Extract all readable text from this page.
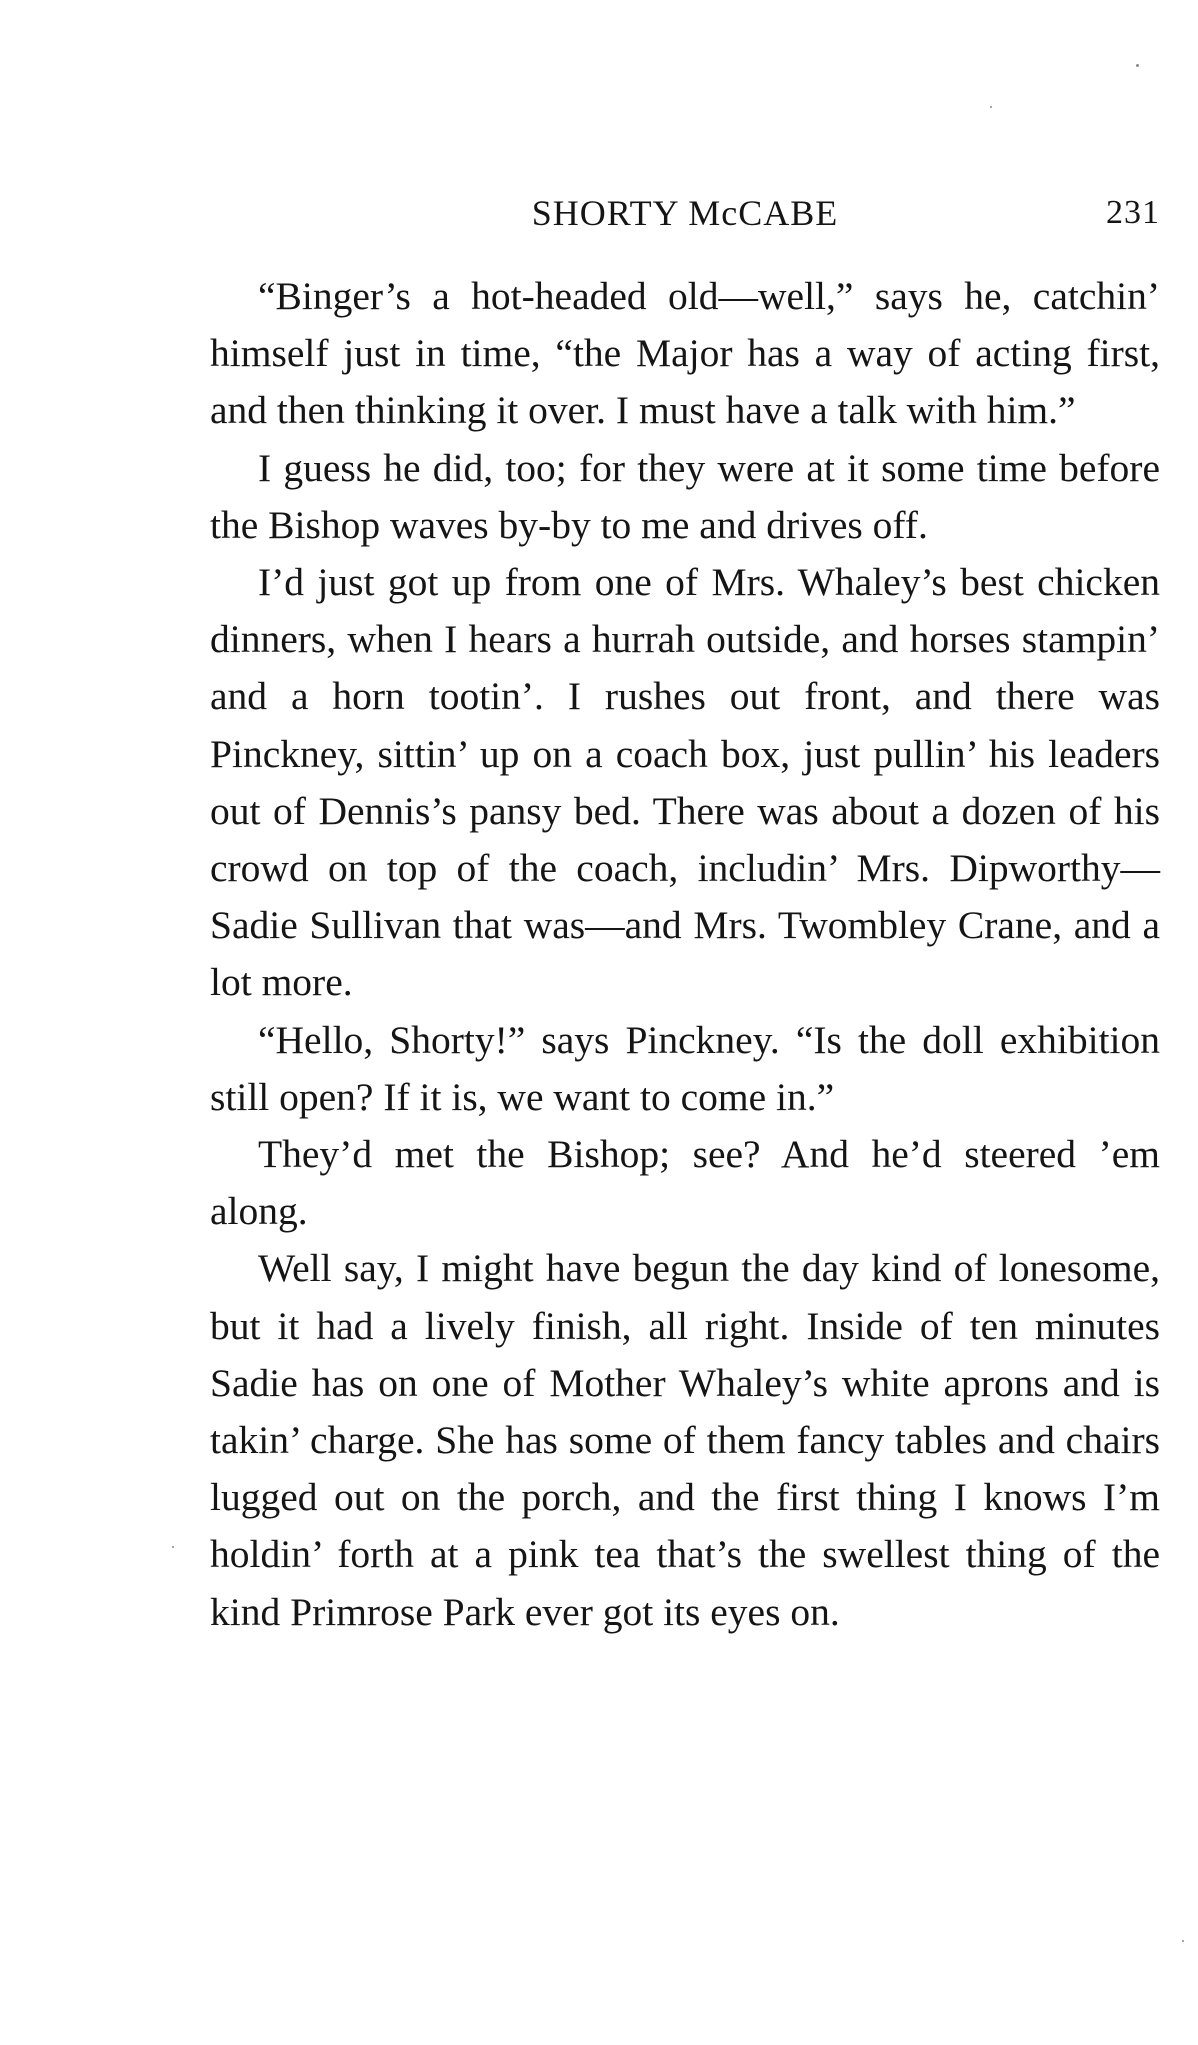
SHORTY McCABE	231

“Binger’s a hot-headed old—well,” says he, catchin’ himself just in time, “the Major has a way of acting first, and then thinking it over. I must have a talk with him.”

I guess he did, too; for they were at it some time before the Bishop waves by-by to me and drives off.

I’d just got up from one of Mrs. Whaley’s best chicken dinners, when I hears a hurrah outside, and horses stampin’ and a horn tootin’. I rushes out front, and there was Pinckney, sittin’ up on a coach box, just pullin’ his leaders out of Dennis’s pansy bed. There was about a dozen of his crowd on top of the coach, includin’ Mrs. Dipworthy—Sadie Sullivan that was—and Mrs. Twombley Crane, and a lot more.

“Hello, Shorty!” says Pinckney. “Is the doll exhibition still open? If it is, we want to come in.”

They’d met the Bishop; see? And he’d steered ’em along.

Well say, I might have begun the day kind of lonesome, but it had a lively finish, all right. Inside of ten minutes Sadie has on one of Mother Whaley’s white aprons and is takin’ charge. She has some of them fancy tables and chairs lugged out on the porch, and the first thing I knows I’m holdin’ forth at a pink tea that’s the swellest thing of the kind Primrose Park ever got its eyes on.
